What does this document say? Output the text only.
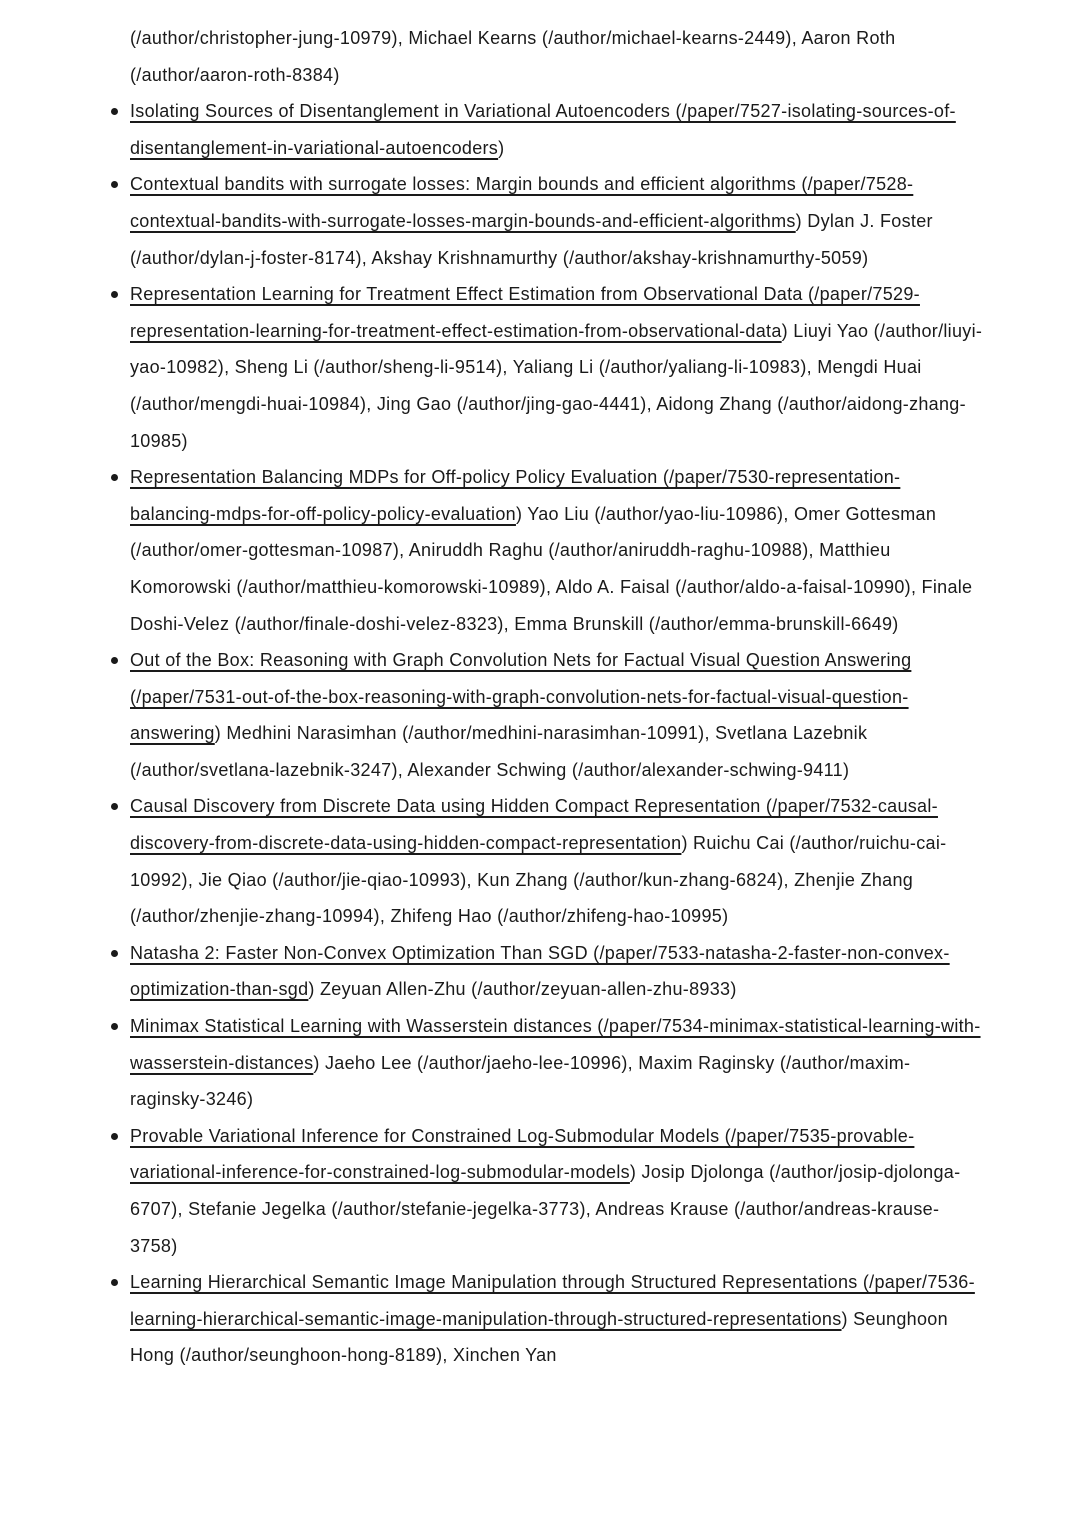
(/author/christopher-jung-10979), Michael Kearns (/author/michael-kearns-2449), Aaron Roth (/author/aaron-roth-8384)

Isolating Sources of Disentanglement in Variational Autoencoders (/paper/7527-isolating-sources-of-disentanglement-in-variational-autoencoders)
Contextual bandits with surrogate losses: Margin bounds and efficient algorithms (/paper/7528-contextual-bandits-with-surrogate-losses-margin-bounds-and-efficient-algorithms) Dylan J. Foster (/author/dylan-j-foster-8174), Akshay Krishnamurthy (/author/akshay-krishnamurthy-5059)
Representation Learning for Treatment Effect Estimation from Observational Data (/paper/7529-representation-learning-for-treatment-effect-estimation-from-observational-data) Liuyi Yao (/author/liuyi-yao-10982), Sheng Li (/author/sheng-li-9514), Yaliang Li (/author/yaliang-li-10983), Mengdi Huai (/author/mengdi-huai-10984), Jing Gao (/author/jing-gao-4441), Aidong Zhang (/author/aidong-zhang-10985)
Representation Balancing MDPs for Off-policy Policy Evaluation (/paper/7530-representation-balancing-mdps-for-off-policy-policy-evaluation) Yao Liu (/author/yao-liu-10986), Omer Gottesman (/author/omer-gottesman-10987), Aniruddh Raghu (/author/aniruddh-raghu-10988), Matthieu Komorowski (/author/matthieu-komorowski-10989), Aldo A. Faisal (/author/aldo-a-faisal-10990), Finale Doshi-Velez (/author/finale-doshi-velez-8323), Emma Brunskill (/author/emma-brunskill-6649)
Out of the Box: Reasoning with Graph Convolution Nets for Factual Visual Question Answering (/paper/7531-out-of-the-box-reasoning-with-graph-convolution-nets-for-factual-visual-question-answering) Medhini Narasimhan (/author/medhini-narasimhan-10991), Svetlana Lazebnik (/author/svetlana-lazebnik-3247), Alexander Schwing (/author/alexander-schwing-9411)
Causal Discovery from Discrete Data using Hidden Compact Representation (/paper/7532-causal-discovery-from-discrete-data-using-hidden-compact-representation) Ruichu Cai (/author/ruichu-cai-10992), Jie Qiao (/author/jie-qiao-10993), Kun Zhang (/author/kun-zhang-6824), Zhenjie Zhang (/author/zhenjie-zhang-10994), Zhifeng Hao (/author/zhifeng-hao-10995)
Natasha 2: Faster Non-Convex Optimization Than SGD (/paper/7533-natasha-2-faster-non-convex-optimization-than-sgd) Zeyuan Allen-Zhu (/author/zeyuan-allen-zhu-8933)
Minimax Statistical Learning with Wasserstein distances (/paper/7534-minimax-statistical-learning-with-wasserstein-distances) Jaeho Lee (/author/jaeho-lee-10996), Maxim Raginsky (/author/maxim-raginsky-3246)
Provable Variational Inference for Constrained Log-Submodular Models (/paper/7535-provable-variational-inference-for-constrained-log-submodular-models) Josip Djolonga (/author/josip-djolonga-6707), Stefanie Jegelka (/author/stefanie-jegelka-3773), Andreas Krause (/author/andreas-krause-3758)
Learning Hierarchical Semantic Image Manipulation through Structured Representations (/paper/7536-learning-hierarchical-semantic-image-manipulation-through-structured-representations) Seunghoon Hong (/author/seunghoon-hong-8189), Xinchen Yan
